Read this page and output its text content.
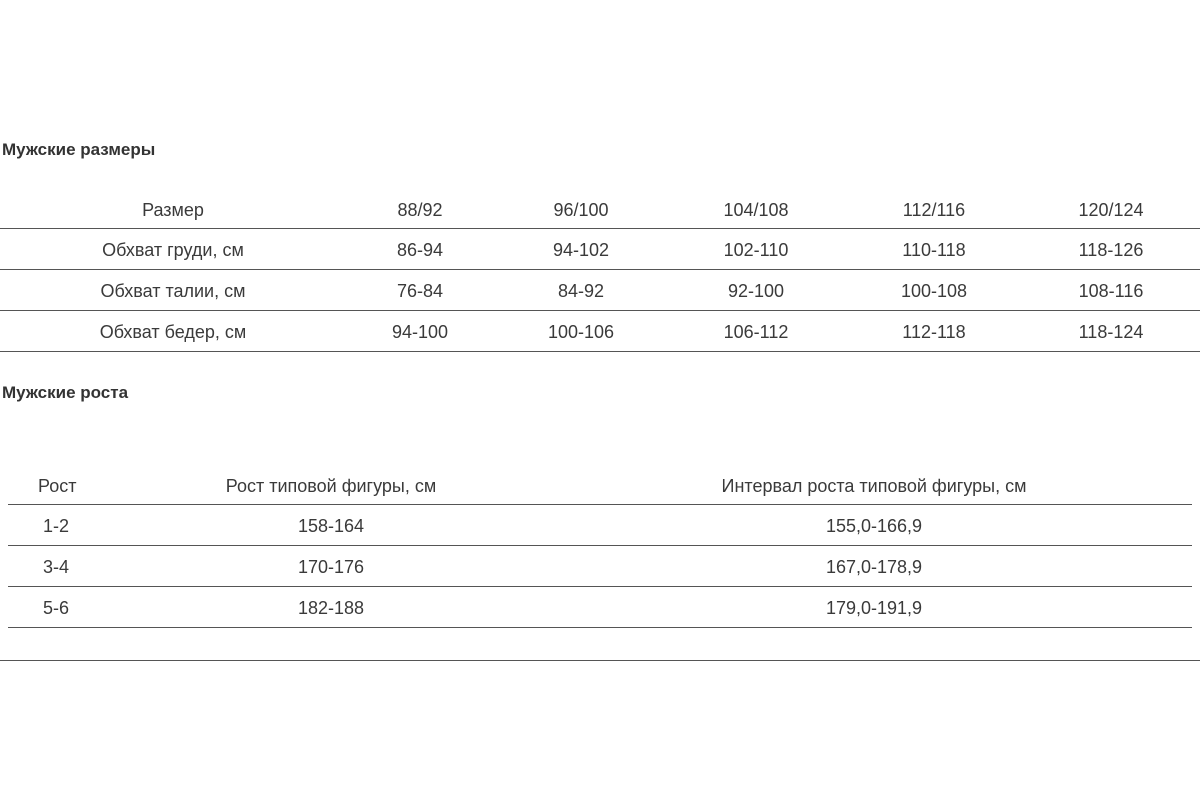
Мужские размеры
Размер	88/92	96/100	104/108	112/116	120/124
Обхват груди, см	86-94	94-102	102-110	110-118	118-126
Обхват талии, см	76-84	84-92	92-100	100-108	108-116
Обхват бедер, см	94-100	100-106	106-112	112-118	118-124
Мужские роста
Рост	Рост типовой фигуры, см	Интервал роста типовой фигуры, см
1-2	158-164	155,0-166,9
3-4	170-176	167,0-178,9
5-6	182-188	179,0-191,9
